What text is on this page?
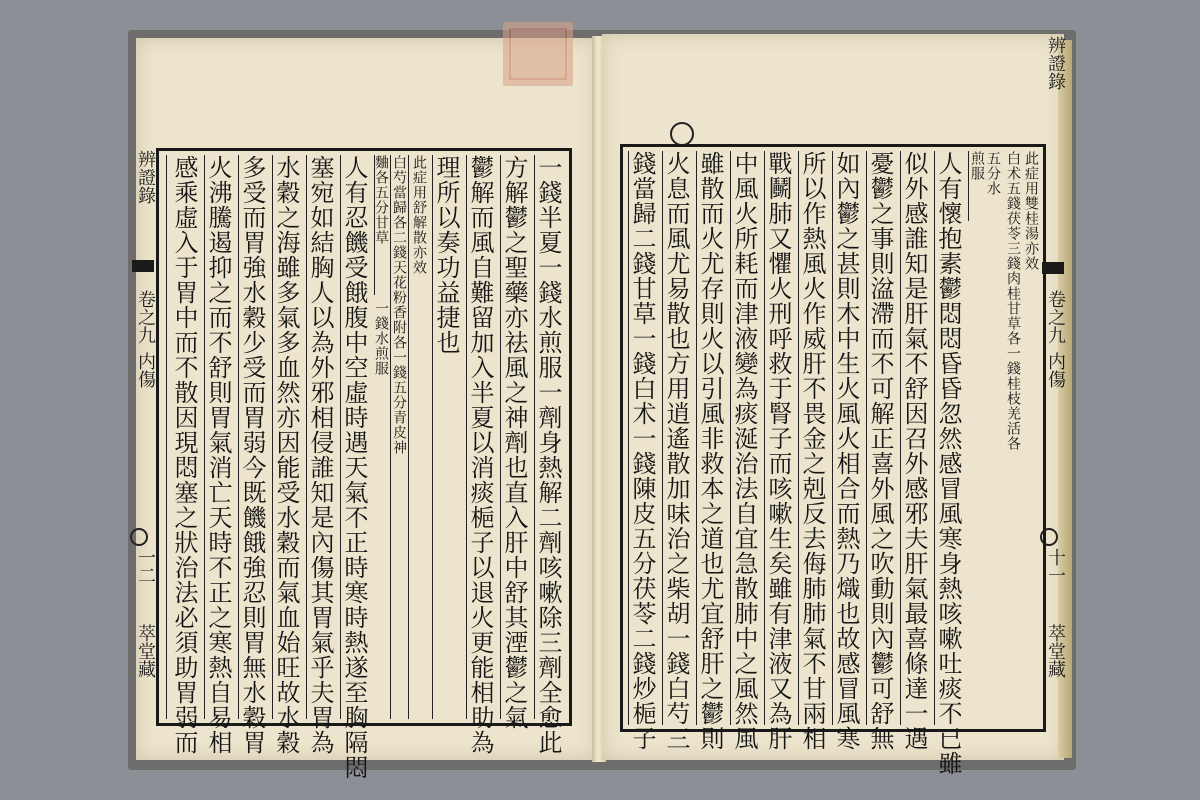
辨證錄
卷之九
内傷
一二
萃堂藏	一錢半夏一錢水煎服一劑身熱解二劑咳嗽除三劑全愈此
方解鬱之聖藥亦祛風之神劑也直入肝中舒其湮鬱之氣
鬱解而風自難留加入半夏以消痰梔子以退火更能相助為
理所以奏功益捷也
此症用舒解散亦效
白芍當歸各二錢天花粉香附各一錢五分青皮神
麯各五分甘草
一錢水煎服
人有忍饑受餓腹中空虛時遇天氣不正時寒時熱遂至胸隔悶
塞宛如結胸人以為外邪相侵誰知是內傷其胃氣乎夫胃為
水穀之海雖多氣多血然亦因能受水穀而氣血始旺故水穀
多受而胃強水穀少受而胃弱今既饑餓強忍則胃無水穀胃
火沸騰遏抑之而不舒則胃氣消亡天時不正之寒熱自易相
感乘虛入于胃中而不散因現悶塞之狀治法必須助胃弱而
辨證錄
卷之九
内傷
十一
萃堂藏
此症用雙桂湯亦效
白术五錢茯苓三錢肉桂甘草各一錢桂枝羌活各
五分水
煎服
人有懷抱素鬱悶悶昏昏忽然感冒風寒身熱咳嗽吐痰不已雖
似外感誰知是肝氣不舒因召外感邪夫肝氣最喜條達一遇
憂鬱之事則湓滯而不可解正喜外風之吹動則內鬱可舒無
如內鬱之甚則木中生火風火相合而熱乃熾也故感冒風寒
所以作熱風火作威肝不畏金之剋反去侮肺肺氣不甘兩相
戰鬭肺又懼火刑呼救于腎子而咳嗽生矣雖有津液又為肝
中風火所耗而津液變為痰涎治法自宜急散肺中之風然風
雖散而火尤存則火以引風非救本之道也尤宜舒肝之鬱則
火息而風尤易散也方用逍遙散加味治之柴胡一錢白芍三
錢當歸二錢甘草一錢白术一錢陳皮五分茯苓二錢炒梔子
